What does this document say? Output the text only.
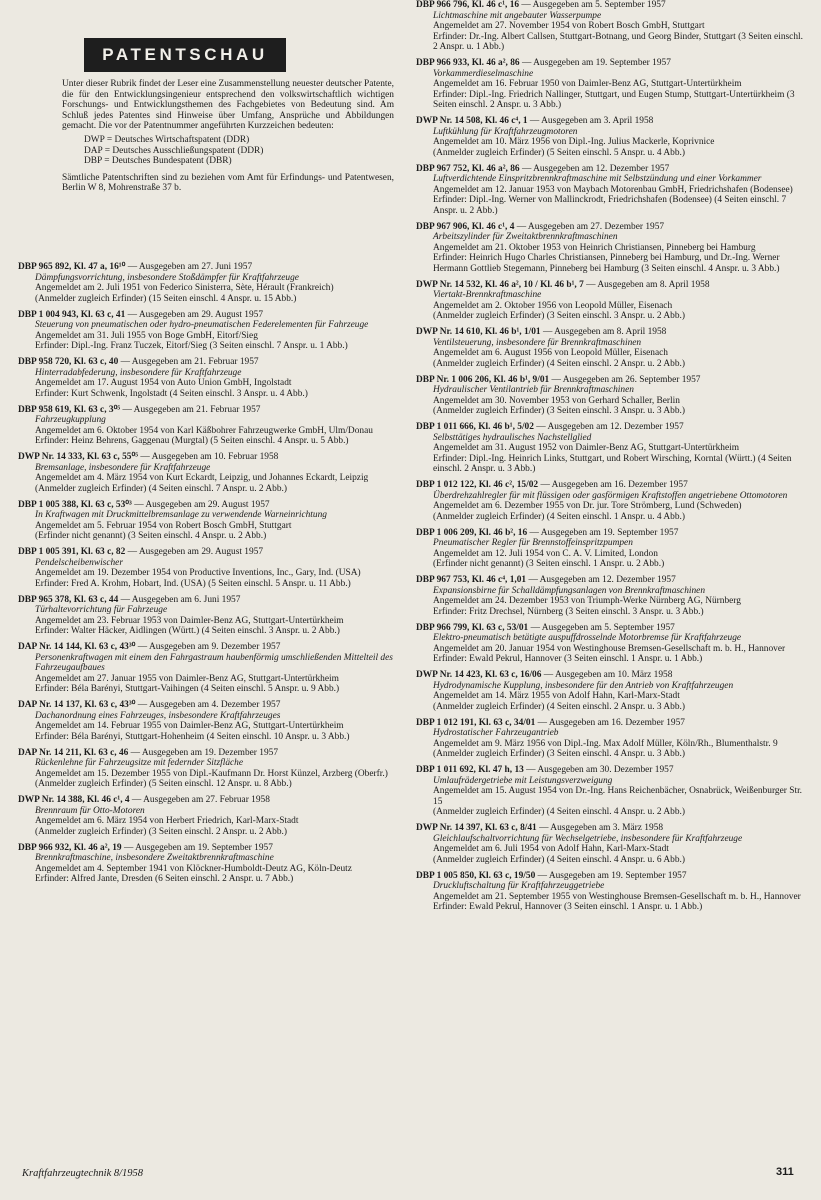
DBP 965 892, Kl. 47 a, 16¹⁰ — Ausgegeben am 27. Juni 1957
Dämpfungsvorrichtung, insbesondere Stoßdämpfer für Kraftfahrzeuge
Angemeldet am 2. Juli 1951 von Federico Sinisterra, Sète, Hérault (Frankreich)
(Anmelder zugleich Erfinder) (15 Seiten einschl. 4 Anspr. u. 15 Abb.)
DBP 1 004 943, Kl. 63 c, 41 — Ausgegeben am 29. August 1957
Steuerung von pneumatischen oder hydro-pneumatischen Federelementen für Fahrzeuge
Angemeldet am 31. Juli 1955 von Boge GmbH, Eitorf/Sieg
Erfinder: Dipl.-Ing. Franz Tuczek, Eitorf/Sieg (3 Seiten einschl. 7 Anspr. u. 1 Abb.)
DBP 958 720, Kl. 63 c, 40 — Ausgegeben am 21. Februar 1957
Hinterradabfederung, insbesondere für Kraftfahrzeuge
Angemeldet am 17. August 1954 von Auto Union GmbH, Ingolstadt
Erfinder: Kurt Schwenk, Ingolstadt (4 Seiten einschl. 3 Anspr. u. 4 Abb.)
DBP 958 619, Kl. 63 c, 3⁰⁵ — Ausgegeben am 21. Februar 1957
Fahrzeugkupplung
Angemeldet am 6. Oktober 1954 von Karl Käßbohrer Fahrzeugwerke GmbH, Ulm/Donau
Erfinder: Heinz Behrens, Gaggenau (Murgtal) (5 Seiten einschl. 4 Anspr. u. 5 Abb.)
DWP Nr. 14 333, Kl. 63 c, 55⁰⁵ — Ausgegeben am 10. Februar 1958
Bremsanlage, insbesondere für Kraftfahrzeuge
Angemeldet am 4. März 1954 von Kurt Eckardt, Leipzig, und Johannes Eckardt, Leipzig
(Anmelder zugleich Erfinder) (4 Seiten einschl. 7 Anspr. u. 2 Abb.)
DBP 1 005 388, Kl. 63 c, 53⁰³ — Ausgegeben am 29. August 1957
In Kraftwagen mit Druckmittelbremsanlage zu verwendende Warneinrichtung
Angemeldet am 5. Februar 1954 von Robert Bosch GmbH, Stuttgart
(Erfinder nicht genannt) (3 Seiten einschl. 4 Anspr. u. 2 Abb.)
DBP 1 005 391, Kl. 63 c, 82 — Ausgegeben am 29. August 1957
Pendelscheibenwischer
Angemeldet am 19. Dezember 1954 von Productive Inventions, Inc., Gary, Ind. (USA)
Erfinder: Fred A. Krohm, Hobart, Ind. (USA) (5 Seiten einschl. 5 Anspr. u. 11 Abb.)
DBP 965 378, Kl. 63 c, 44 — Ausgegeben am 6. Juni 1957
Türhaltevorrichtung für Fahrzeuge
Angemeldet am 23. Februar 1953 von Daimler-Benz AG, Stuttgart-Untertürkheim
Erfinder: Walter Häcker, Aidlingen (Württ.) (4 Seiten einschl. 3 Anspr. u. 2 Abb.)
DAP Nr. 14 144, Kl. 63 c, 43³⁰ — Ausgegeben am 9. Dezember 1957
Personenkraftwagen mit einem den Fahrgastraum haubenförmig umschließenden Mittelteil des Fahrzeugaufbaues
Angemeldet am 27. Januar 1955 von Daimler-Benz AG, Stuttgart-Untertürkheim
Erfinder: Béla Barényi, Stuttgart-Vaihingen (4 Seiten einschl. 5 Anspr. u. 9 Abb.)
DAP Nr. 14 137, Kl. 63 c, 43³⁰ — Ausgegeben am 4. Dezember 1957
Dachanordnung eines Fahrzeuges, insbesondere Kraftfahrzeuges
Angemeldet am 14. Februar 1955 von Daimler-Benz AG, Stuttgart-Untertürkheim
Erfinder: Béla Barényi, Stuttgart-Hohenheim (4 Seiten einschl. 10 Anspr. u. 3 Abb.)
DAP Nr. 14 211, Kl. 63 c, 46 — Ausgegeben am 19. Dezember 1957
Rückenlehne für Fahrzeugsitze mit federnder Sitzfläche
Angemeldet am 15. Dezember 1955 von Dipl.-Kaufmann Dr. Horst Künzel, Arzberg (Oberfr.)
(Anmelder zugleich Erfinder) (5 Seiten einschl. 12 Anspr. u. 8 Abb.)
DWP Nr. 14 388, Kl. 46 c¹, 4 — Ausgegeben am 27. Februar 1958
Brennraum für Otto-Motoren
Angemeldet am 6. März 1954 von Herbert Friedrich, Karl-Marx-Stadt
(Anmelder zugleich Erfinder) (3 Seiten einschl. 2 Anspr. u. 2 Abb.)
DBP 966 932, Kl. 46 a², 19 — Ausgegeben am 19. September 1957
Brennkraftmaschine, insbesondere Zweitaktbrennkraftmaschine
Angemeldet am 4. September 1941 von Klöckner-Humboldt-Deutz AG, Köln-Deutz
Erfinder: Alfred Jante, Dresden (6 Seiten einschl. 2 Anspr. u. 7 Abb.)
DBP 966 796, Kl. 46 c¹, 16 — Ausgegeben am 5. September 1957
Lichtmaschine mit angebauter Wasserpumpe
Angemeldet am 27. November 1954 von Robert Bosch GmbH, Stuttgart
Erfinder: Dr.-Ing. Albert Callsen, Stuttgart-Botnang, und Georg Binder, Stuttgart (3 Seiten einschl. 2 Anspr. u. 1 Abb.)
DBP 966 933, Kl. 46 a², 86 — Ausgegeben am 19. September 1957
Vorkammerdieselmaschine
Angemeldet am 16. Februar 1950 von Daimler-Benz AG, Stuttgart-Untertürkheim
Erfinder: Dipl.-Ing. Friedrich Nallinger, Stuttgart, und Eugen Stump, Stuttgart-Untertürkheim (3 Seiten einschl. 2 Anspr. u. 3 Abb.)
DWP Nr. 14 508, Kl. 46 c⁴, 1 — Ausgegeben am 3. April 1958
Luftkühlung für Kraftfahrzeugmotoren
Angemeldet am 10. März 1956 von Dipl.-Ing. Julius Mackerle, Koprivnice
(Anmelder zugleich Erfinder) (5 Seiten einschl. 5 Anspr. u. 4 Abb.)
DBP 967 752, Kl. 46 a², 86 — Ausgegeben am 12. Dezember 1957
Luftverdichtende Einspritzbrennkraftmaschine mit Selbstzündung und einer Vorkammer
Angemeldet am 12. Januar 1953 von Maybach Motorenbau GmbH, Friedrichshafen (Bodensee)
Erfinder: Dipl.-Ing. Werner von Mallinckrodt, Friedrichshafen (Bodensee) (4 Seiten einschl. 7 Anspr. u. 2 Abb.)
DBP 967 906, Kl. 46 c¹, 4 — Ausgegeben am 27. Dezember 1957
Arbeitszylinder für Zweitaktbrennkraftmaschinen
Angemeldet am 21. Oktober 1953 von Heinrich Christiansen, Pinneberg bei Hamburg
Erfinder: Heinrich Hugo Charles Christiansen, Pinneberg bei Hamburg, und Dr.-Ing. Werner Hermann Gottlieb Stegemann, Pinneberg bei Hamburg (3 Seiten einschl. 4 Anspr. u. 3 Abb.)
DWP Nr. 14 532, Kl. 46 a², 10 / Kl. 46 b¹, 7 — Ausgegeben am 8. April 1958
Viertakt-Brennkraftmaschine
Angemeldet am 2. Oktober 1956 von Leopold Müller, Eisenach
(Anmelder zugleich Erfinder) (3 Seiten einschl. 3 Anspr. u. 2 Abb.)
DWP Nr. 14 610, Kl. 46 b¹, 1/01 — Ausgegeben am 8. April 1958
Ventilsteuerung, insbesondere für Brennkraftmaschinen
Angemeldet am 6. August 1956 von Leopold Müller, Eisenach
(Anmelder zugleich Erfinder) (4 Seiten einschl. 2 Anspr. u. 2 Abb.)
DBP Nr. 1 006 206, Kl. 46 b¹, 9/01 — Ausgegeben am 26. September 1957
Hydraulischer Ventilantrieb für Brennkraftmaschinen
Angemeldet am 30. November 1953 von Gerhard Schaller, Berlin
(Anmelder zugleich Erfinder) (3 Seiten einschl. 3 Anspr. u. 3 Abb.)
DBP 1 011 666, Kl. 46 b¹, 5/02 — Ausgegeben am 12. Dezember 1957
Selbsttätiges hydraulisches Nachstellglied
Angemeldet am 31. August 1952 von Daimler-Benz AG, Stuttgart-Untertürkheim
Erfinder: Dipl.-Ing. Heinrich Links, Stuttgart, und Robert Wirsching, Korntal (Württ.) (4 Seiten einschl. 2 Anspr. u. 3 Abb.)
DBP 1 012 122, Kl. 46 c², 15/02 — Ausgegeben am 16. Dezember 1957
Überdrehzahlregler für mit flüssigen oder gasförmigen Kraftstoffen angetriebene Ottomotoren
Angemeldet am 6. Dezember 1955 von Dr. jur. Tore Strömberg, Lund (Schweden)
(Anmelder zugleich Erfinder) (4 Seiten einschl. 1 Anspr. u. 4 Abb.)
DBP 1 006 209, Kl. 46 b², 16 — Ausgegeben am 19. September 1957
Pneumatischer Regler für Brennstoffeinspritzpumpen
Angemeldet am 12. Juli 1954 von C. A. V. Limited, London
(Erfinder nicht genannt) (3 Seiten einschl. 1 Anspr. u. 2 Abb.)
DBP 967 753, Kl. 46 c⁴, 1,01 — Ausgegeben am 12. Dezember 1957
Expansionsbirne für Schalldämpfungsanlagen von Brennkraftmaschinen
Angemeldet am 24. Dezember 1953 von Triumph-Werke Nürnberg AG, Nürnberg
Erfinder: Fritz Drechsel, Nürnberg (3 Seiten einschl. 3 Anspr. u. 3 Abb.)
DBP 966 799, Kl. 63 c, 53/01 — Ausgegeben am 5. September 1957
Elektro-pneumatisch betätigte auspuffdrosselnde Motorbremse für Kraftfahrzeuge
Angemeldet am 20. Januar 1954 von Westinghouse Bremsen-Gesellschaft m. b. H., Hannover
Erfinder: Ewald Pekrul, Hannover (3 Seiten einschl. 1 Anspr. u. 1 Abb.)
DWP Nr. 14 423, Kl. 63 c, 16/06 — Ausgegeben am 10. März 1958
Hydrodynamische Kupplung, insbesondere für den Antrieb von Kraftfahrzeugen
Angemeldet am 14. März 1955 von Adolf Hahn, Karl-Marx-Stadt
(Anmelder zugleich Erfinder) (4 Seiten einschl. 2 Anspr. u. 3 Abb.)
DBP 1 012 191, Kl. 63 c, 34/01 — Ausgegeben am 16. Dezember 1957
Hydrostatischer Fahrzeugantrieb
Angemeldet am 9. März 1956 von Dipl.-Ing. Max Adolf Müller, Köln/Rh., Blumenthalstr. 9
(Anmelder zugleich Erfinder) (3 Seiten einschl. 4 Anspr. u. 3 Abb.)
DBP 1 011 692, Kl. 47 h, 13 — Ausgegeben am 30. Dezember 1957
Umlaufrädergetriebe mit Leistungsverzweigung
Angemeldet am 15. August 1954 von Dr.-Ing. Hans Reichenbächer, Osnabrück, Weißenburger Str. 15
(Anmelder zugleich Erfinder) (4 Seiten einschl. 4 Anspr. u. 2 Abb.)
DWP Nr. 14 397, Kl. 63 c, 8/41 — Ausgegeben am 3. März 1958
Gleichlaufschaltvorrichtung für Wechselgetriebe, insbesondere für Kraftfahrzeuge
Angemeldet am 6. Juli 1954 von Adolf Hahn, Karl-Marx-Stadt
(Anmelder zugleich Erfinder) (4 Seiten einschl. 4 Anspr. u. 6 Abb.)
DBP 1 005 850, Kl. 63 c, 19/50 — Ausgegeben am 19. September 1957
Druckluftschaltung für Kraftfahrzeuggetriebe
Angemeldet am 21. September 1955 von Westinghouse Bremsen-Gesellschaft m. b. H., Hannover
Erfinder: Ewald Pekrul, Hannover (3 Seiten einschl. 1 Anspr. u. 1 Abb.)
PATENTSCHAU

Unter dieser Rubrik findet der Leser eine Zusammenstellung neuester deutscher Patente, die für den Entwicklungsingenieur entsprechend den volkswirtschaftlich wichtigen Forschungs- und Entwicklungsthemen des Fachgebietes von Bedeutung sind. Am Schluß jedes Patentes sind Hinweise über Umfang, Ansprüche und Abbildungen gemacht. Die vor der Patentnummer angeführten Kurzzeichen bedeuten:

DWP = Deutsches Wirtschaftspatent (DDR)
DAP = Deutsches Ausschließungspatent (DDR)
DBP = Deutsches Bundespatent (DBR)

Sämtliche Patentschriften sind zu beziehen vom Amt für Erfindungs- und Patentwesen, Berlin W 8, Mohrenstraße 37 b.

Kraftfahrzeugtechnik 8/1958	311
